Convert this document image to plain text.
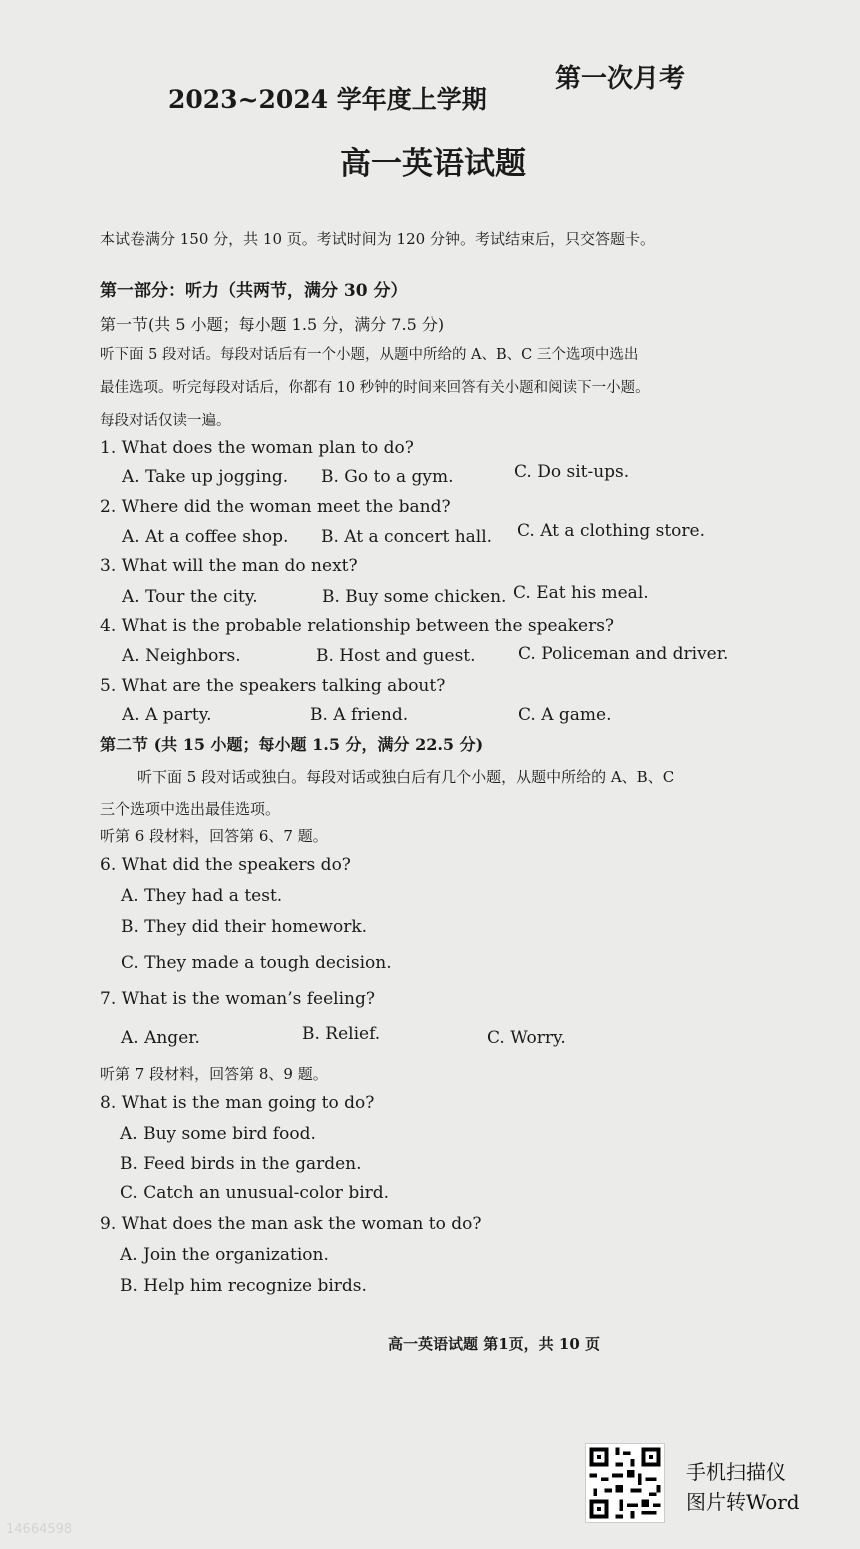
2023~2024 学年度上学期
第一次月考
高一英语试题
本试卷满分 150 分，共 10 页。考试时间为 120 分钟。考试结束后，只交答题卡。
第一部分：听力（共两节，满分 30 分）
第一节(共 5 小题；每小题 1.5 分，满分 7.5 分)
听下面 5 段对话。每段对话后有一个小题，从题中所给的 A、B、C 三个选项中选出
最佳选项。听完每段对话后，你都有 10 秒钟的时间来回答有关小题和阅读下一小题。
每段对话仅读一遍。
1. What does the woman plan to do?
A. Take up jogging. B. Go to a gym.	C. Do sit-ups.
2. Where did the woman meet the band?
A. At a coffee shop. B. At a concert hall. C. At a clothing store.
3. What will the man do next?
A. Tour the city.	B. Buy some chicken. C. Eat his meal.
4. What is the probable relationship between the speakers?
A. Neighbors.	B. Host and guest. C. Policeman and driver.
5. What are the speakers talking about?
A. A party.	B. A friend.	C. A game.
第二节 (共 15 小题；每小题 1.5 分，满分 22.5 分)
听下面 5 段对话或独白。每段对话或独白后有几个小题，从题中所给的 A、B、C
三个选项中选出最佳选项。
听第 6 段材料，回答第 6、7 题。
6. What did the speakers do?
A. They had a test.
B. They did their homework.
C. They made a tough decision.
7. What is the woman’s feeling?
A. Anger.	B. Relief.	C. Worry.
听第 7 段材料，回答第 8、9 题。
8. What is the man going to do?
A. Buy some bird food.
B. Feed birds in the garden.
C. Catch an unusual-color bird.
9. What does the man ask the woman to do?
A. Join the organization.
B. Help him recognize birds.
高一英语试题 第1页，共 10 页
手机扫描仪
图片转Word
14664598
